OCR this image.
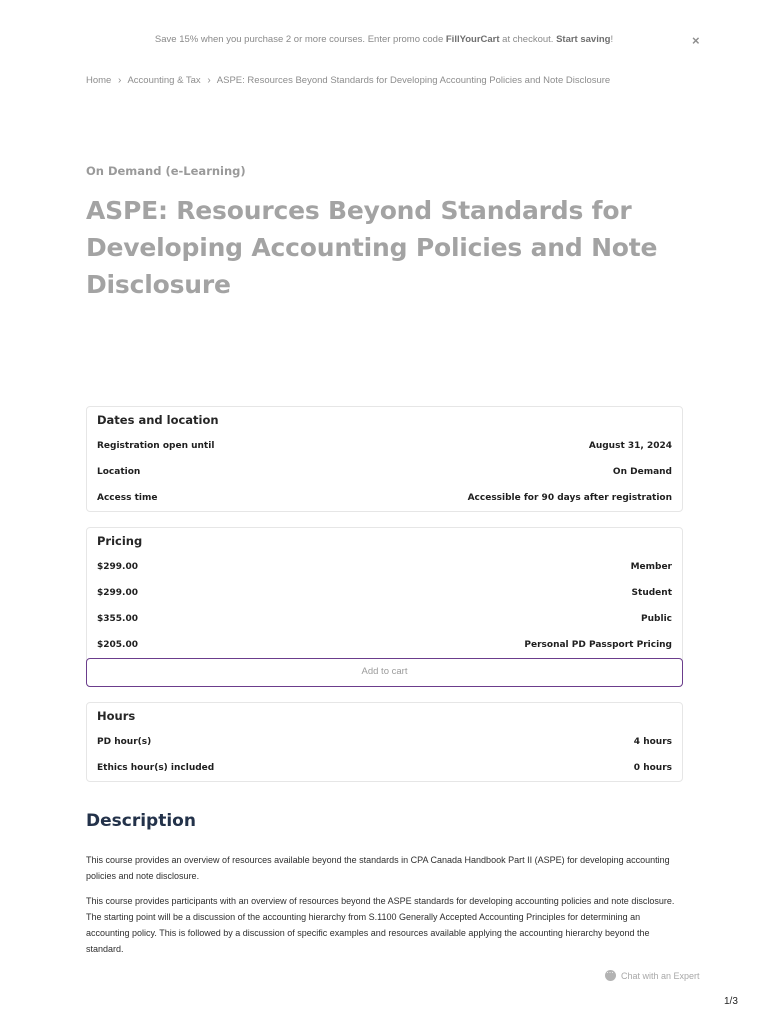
Save 15% when you purchase 2 or more courses. Enter promo code FillYourCart at checkout. Start saving!	×
Home › Accounting & Tax › ASPE: Resources Beyond Standards for Developing Accounting Policies and Note Disclosure
On Demand (e-Learning)
ASPE: Resources Beyond Standards for Developing Accounting Policies and Note Disclosure
Dates and location
Registration open until	August 31, 2024
Location	On Demand
Access time	Accessible for 90 days after registration
Pricing
$299.00	Member
$299.00	Student
$355.00	Public
$205.00	Personal PD Passport Pricing
Add to cart
Hours
PD hour(s)	4 hours
Ethics hour(s) included	0 hours
Description

This course provides an overview of resources available beyond the standards in CPA Canada Handbook Part II (ASPE) for developing accounting policies and note disclosure.

This course provides participants with an overview of resources beyond the ASPE standards for developing accounting policies and note disclosure. The starting point will be a discussion of the accounting hierarchy from S.1100 Generally Accepted Accounting Principles for determining an accounting policy. This is followed by a discussion of specific examples and resources available applying the accounting hierarchy beyond the standard.

…
Chat with an Expert
1/3
